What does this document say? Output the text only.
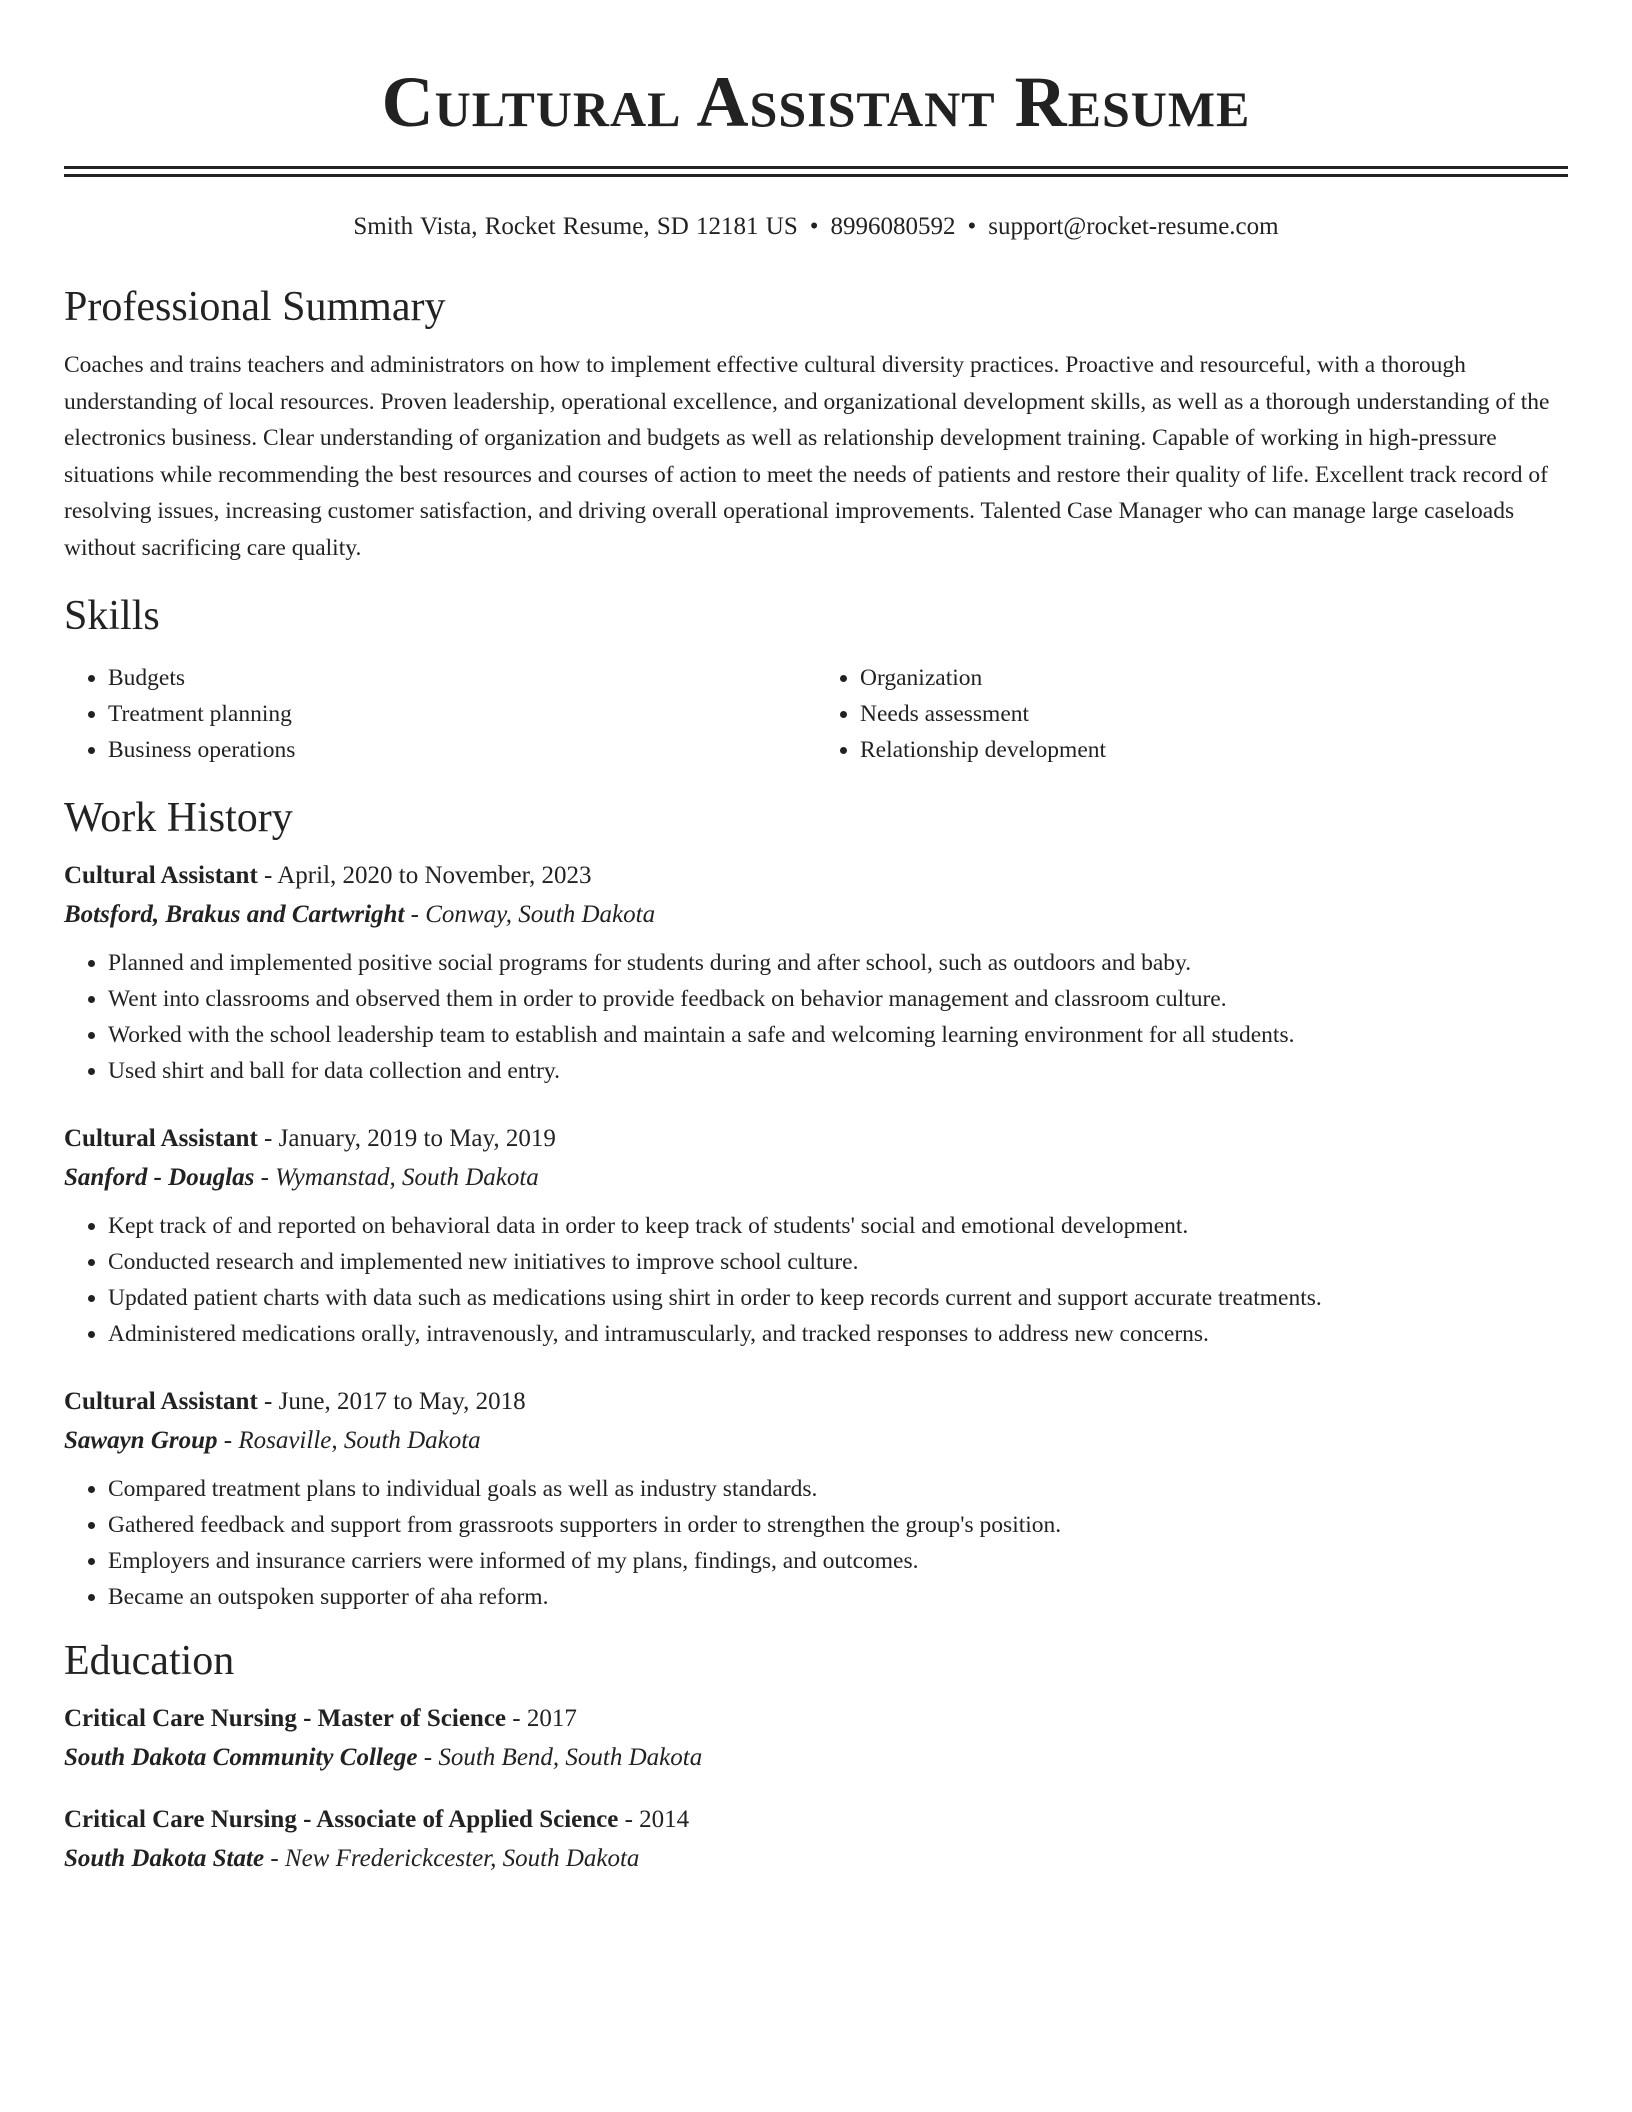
Cultural Assistant Resume
Smith Vista, Rocket Resume, SD 12181 US • 8996080592 • support@rocket-resume.com
Professional Summary
Coaches and trains teachers and administrators on how to implement effective cultural diversity practices. Proactive and resourceful, with a thorough understanding of local resources. Proven leadership, operational excellence, and organizational development skills, as well as a thorough understanding of the electronics business. Clear understanding of organization and budgets as well as relationship development training. Capable of working in high-pressure situations while recommending the best resources and courses of action to meet the needs of patients and restore their quality of life. Excellent track record of resolving issues, increasing customer satisfaction, and driving overall operational improvements. Talented Case Manager who can manage large caseloads without sacrificing care quality.
Skills
• Budgets
• Treatment planning
• Business operations
• Organization
• Needs assessment
• Relationship development
Work History
Cultural Assistant - April, 2020 to November, 2023
Botsford, Brakus and Cartwright - Conway, South Dakota
• Planned and implemented positive social programs for students during and after school, such as outdoors and baby.
• Went into classrooms and observed them in order to provide feedback on behavior management and classroom culture.
• Worked with the school leadership team to establish and maintain a safe and welcoming learning environment for all students.
• Used shirt and ball for data collection and entry.
Cultural Assistant - January, 2019 to May, 2019
Sanford - Douglas - Wymanstad, South Dakota
• Kept track of and reported on behavioral data in order to keep track of students' social and emotional development.
• Conducted research and implemented new initiatives to improve school culture.
• Updated patient charts with data such as medications using shirt in order to keep records current and support accurate treatments.
• Administered medications orally, intravenously, and intramuscularly, and tracked responses to address new concerns.
Cultural Assistant - June, 2017 to May, 2018
Sawayn Group - Rosaville, South Dakota
• Compared treatment plans to individual goals as well as industry standards.
• Gathered feedback and support from grassroots supporters in order to strengthen the group's position.
• Employers and insurance carriers were informed of my plans, findings, and outcomes.
• Became an outspoken supporter of aha reform.
Education
Critical Care Nursing - Master of Science - 2017
South Dakota Community College - South Bend, South Dakota
Critical Care Nursing - Associate of Applied Science - 2014
South Dakota State - New Frederickcester, South Dakota
